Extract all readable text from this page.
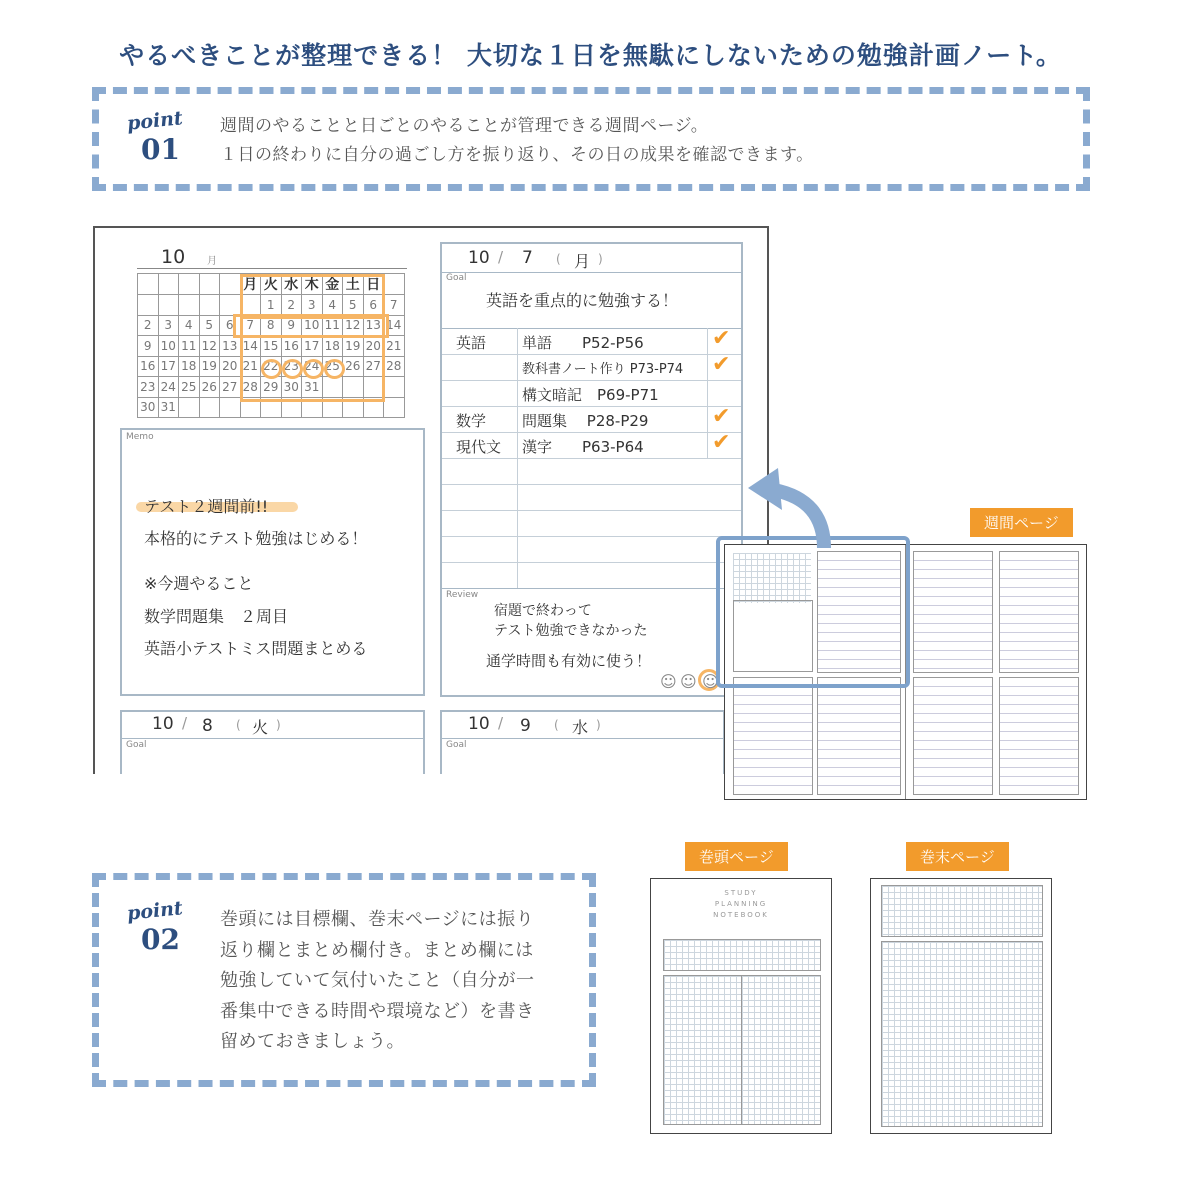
やるべきことが整理できる！ 大切な１日を無駄にしないための勉強計画ノート。
point
01
週間のやることと日ごとのやることが管理できる週間ページ。
１日の終わりに自分の過ごし方を振り返り、その日の成果を確認できます。
10 月
					月	火	水	木	金	土	日	
						1	2	3	4	5	6	7
2	3	4	5	6	7	8	9	10	11	12	13	14
9	10	11	12	13	14	15	16	17	18	19	20	21
16	17	18	19	20	21	22	23	24	25	26	27	28
23	24	25	26	27	28	29	30	31				
30	31											
Memo
テスト２週間前!!
本格的にテスト勉強はじめる！
※今週やること
数学問題集　２周目
英語小テストミス問題まとめる
10 / 7 ( 月 )
Goal
英語を重点的に勉強する！
英語 単語　　P52-P56	✔
教科書ノート作り P73-P74 ✔
構文暗記　P69-P71
数学 問題集　 P28-P29	✔
現代文 漢字　　P63-P64	✔
Review
宿題で終わって
テスト勉強できなかった
通学時間も有効に使う！
☺ ☺ ☺
10 / 8 ( 火 )
Goal
10 / 9 ( 水 )
Goal
週間ページ
point
02
巻頭には目標欄、巻末ページには振り
返り欄とまとめ欄付き。まとめ欄には
勉強していて気付いたこと（自分が一
番集中できる時間や環境など）を書き
留めておきましょう。
巻頭ページ
STUDY
PLANNING
NOTEBOOK
巻末ページ
